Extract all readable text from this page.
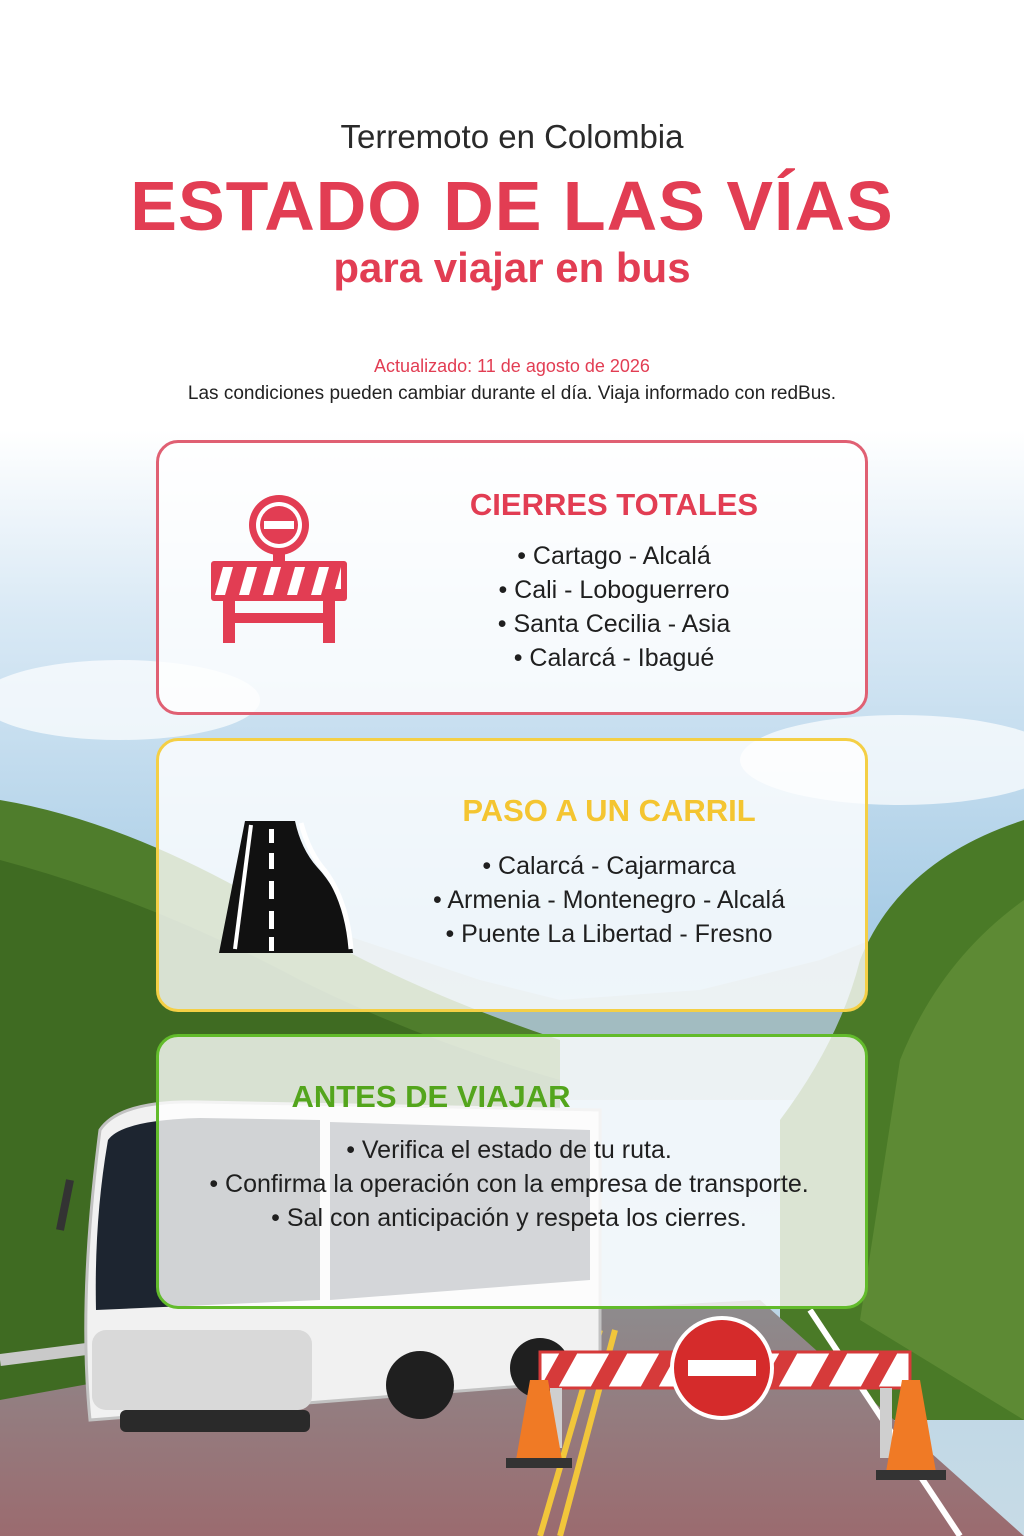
Terremoto en Colombia
ESTADO DE LAS VÍAS
para viajar en bus
Actualizado: 11 de agosto de 2026
Las condiciones pueden cambiar durante el día. Viaja informado con redBus.
CIERRES TOTALES
• Cartago - Alcalá
• Cali - Loboguerrero
• Santa Cecilia - Asia
• Calarcá - Ibagué
PASO A UN CARRIL
• Calarcá - Cajarmarca
• Armenia - Montenegro - Alcalá
• Puente La Libertad - Fresno
ANTES DE VIAJAR
• Verifica el estado de tu ruta.
• Confirma la operación con la empresa de transporte.
• Sal con anticipación y respeta los cierres.
